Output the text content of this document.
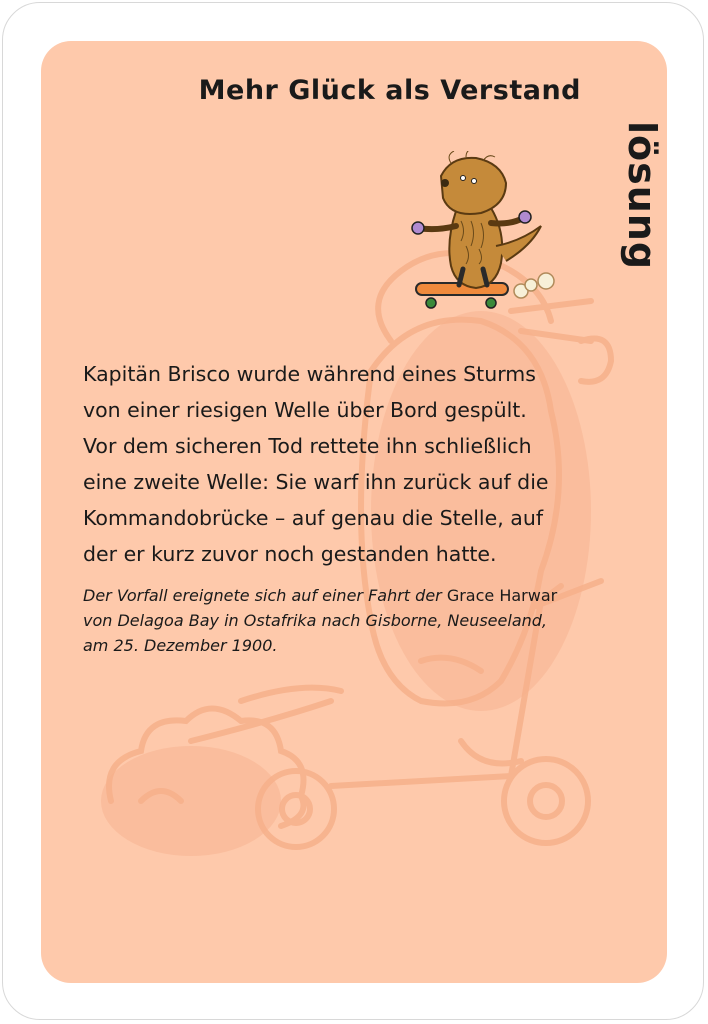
Mehr Glück als Verstand
lösung

Kapitän Brisco wurde während eines Sturms

von einer riesigen Welle über Bord gespült.

Vor dem sicheren Tod rettete ihn schließlich

eine zweite Welle: Sie warf ihn zurück auf die

Kommandobrücke – auf genau die Stelle, auf

der er kurz zuvor noch gestanden hatte.

Der Vorfall ereignete sich auf einer Fahrt der Grace Harwar

von Delagoa Bay in Ostafrika nach Gisborne, Neuseeland,

am 25. Dezember 1900.
